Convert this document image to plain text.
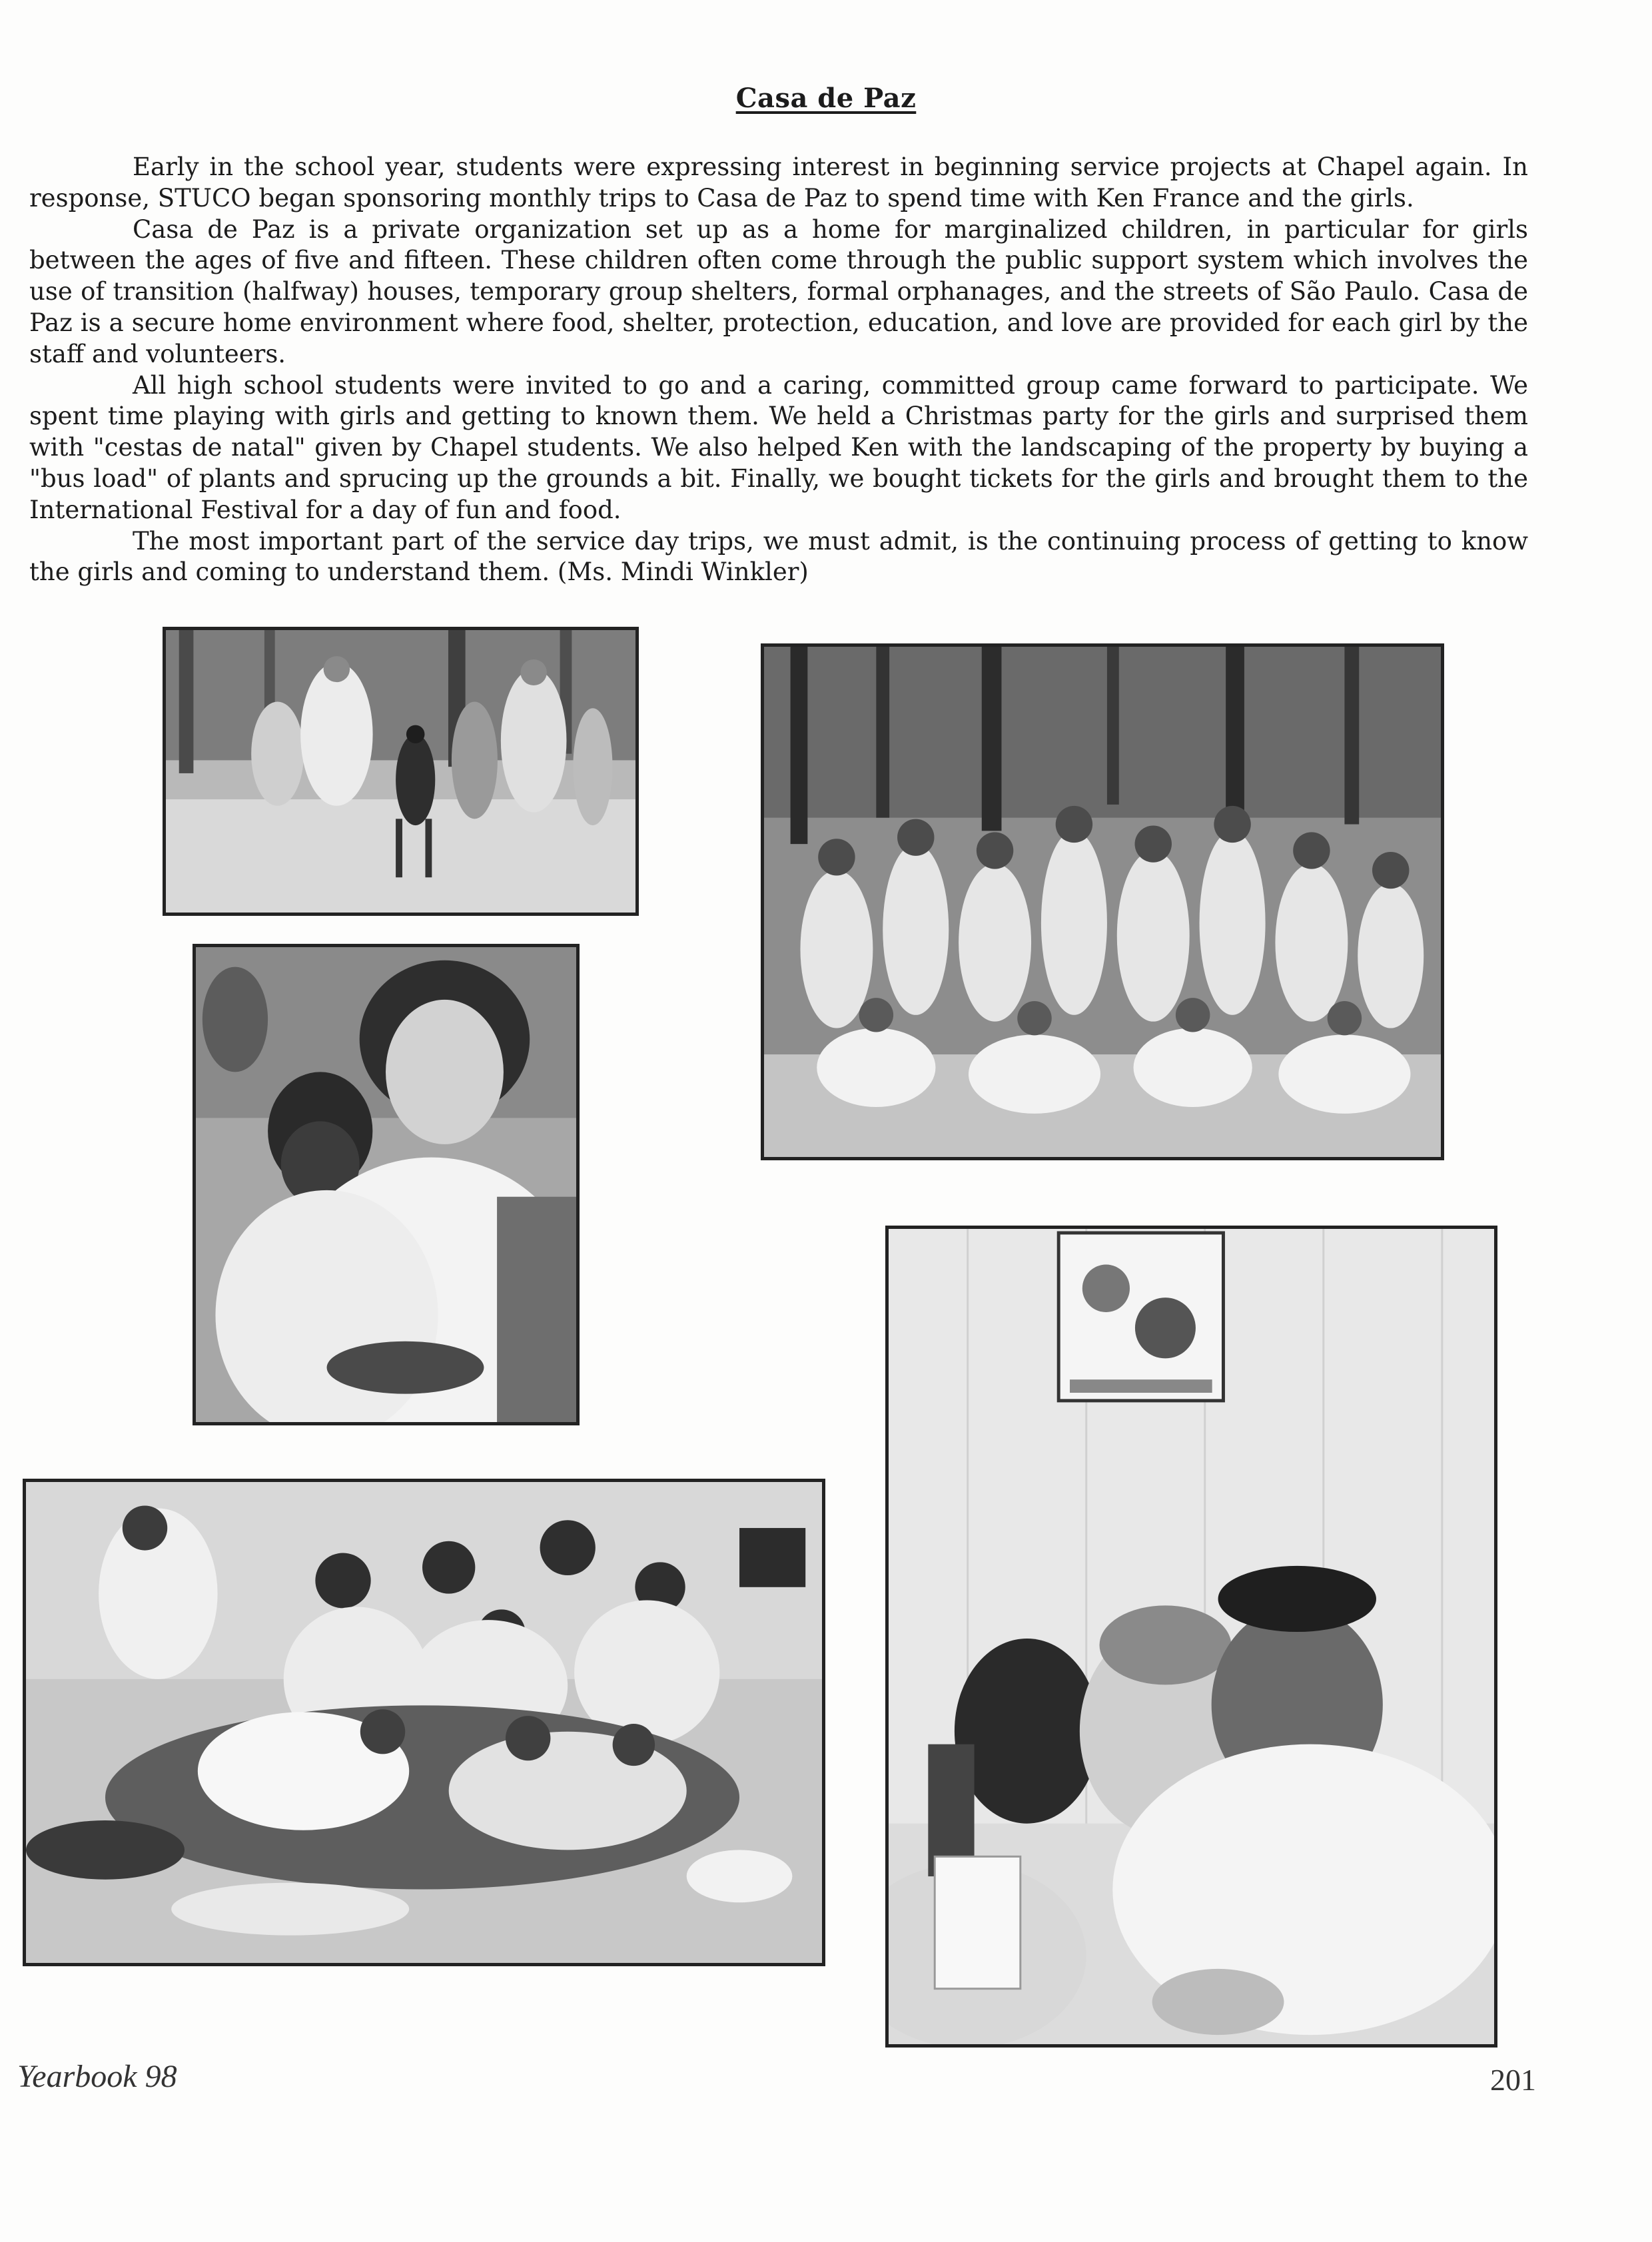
Casa de Paz

Early in the school year, students were expressing interest in beginning service projects at Chapel again. In response, STUCO began sponsoring monthly trips to Casa de Paz to spend time with Ken France and the girls.

Casa de Paz is a private organization set up as a home for marginalized children, in particular for girls between the ages of five and fifteen. These children often come through the public support system which involves the use of transition (halfway) houses, temporary group shelters, formal orphanages, and the streets of São Paulo. Casa de Paz is a secure home environment where food, shelter, protection, education, and love are provided for each girl by the staff and volunteers.

All high school students were invited to go and a caring, committed group came forward to participate. We spent time playing with girls and getting to known them. We held a Christmas party for the girls and surprised them with "cestas de natal" given by Chapel students. We also helped Ken with the landscaping of the property by buying a "bus load" of plants and sprucing up the grounds a bit. Finally, we bought tickets for the girls and brought them to the International Festival for a day of fun and food.

The most important part of the service day trips, we must admit, is the continuing process of getting to know the girls and coming to understand them. (Ms. Mindi Winkler)

Yearbook 98	201
